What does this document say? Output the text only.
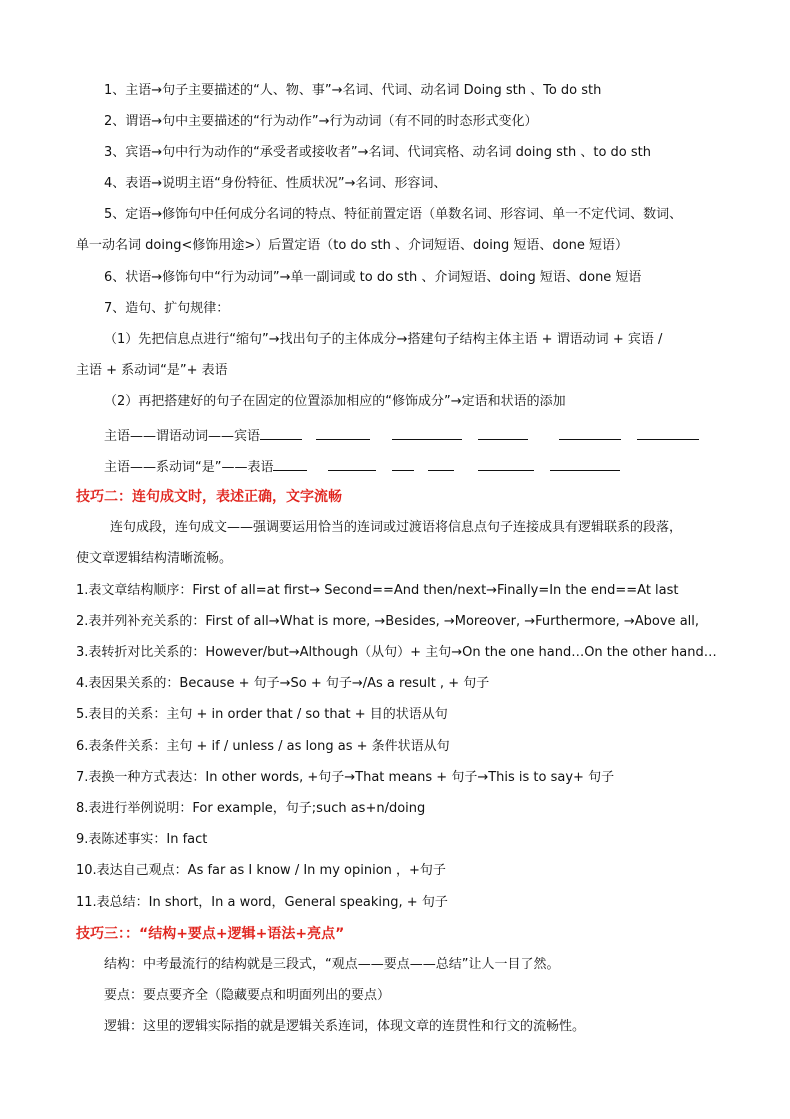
1、主语→句子主要描述的“人、物、事”→名词、代词、动名词 Doing sth 、To do sth
2、谓语→句中主要描述的“行为动作”→行为动词（有不同的时态形式变化）
3、宾语→句中行为动作的“承受者或接收者”→名词、代词宾格、动名词 doing sth 、to do sth
4、表语→说明主语“身份特征、性质状况”→名词、形容词、
5、定语→修饰句中任何成分名词的特点、特征前置定语（单数名词、形容词、单一不定代词、数词、
单一动名词 doing<修饰用途>）后置定语（to do sth 、介词短语、doing 短语、done 短语）
6、状语→修饰句中“行为动词”→单一副词或 to do sth 、介词短语、doing 短语、done 短语
7、造句、扩句规律：
（1）先把信息点进行“缩句”→找出句子的主体成分→搭建句子结构主体主语 + 谓语动词 + 宾语 /
主语 + 系动词“是”+ 表语
（2）再把搭建好的句子在固定的位置添加相应的“修饰成分”→定语和状语的添加
主语——谓语动词——宾语
主语——系动词“是”——表语
技巧二：连句成文时，表述正确，文字流畅
连句成段，连句成文——强调要运用恰当的连词或过渡语将信息点句子连接成具有逻辑联系的段落，
使文章逻辑结构清晰流畅。
1.表文章结构顺序：First of all=at first→ Second==And then/next→Finally=In the end==At last
2.表并列补充关系的：First of all→What is more, →Besides, →Moreover, →Furthermore, →Above all,
3.表转折对比关系的：However/but→Although（从句）+ 主句→On the one hand…On the other hand…
4.表因果关系的：Because + 句子→So + 句子→/As a result , + 句子
5.表目的关系：主句 + in order that / so that + 目的状语从句
6.表条件关系：主句 + if / unless / as long as + 条件状语从句
7.表换一种方式表达：In other words, +句子→That means + 句子→This is to say+ 句子
8.表进行举例说明：For example，句子;such as+n/doing
9.表陈述事实：In fact
10.表达自己观点：As far as I know / In my opinion ，+句子
11.表总结：In short，In a word，General speaking, + 句子
技巧三：：“结构+要点+逻辑+语法+亮点”
结构：中考最流行的结构就是三段式，“观点——要点——总结”让人一目了然。
要点：要点要齐全（隐藏要点和明面列出的要点）
逻辑：这里的逻辑实际指的就是逻辑关系连词，体现文章的连贯性和行文的流畅性。
